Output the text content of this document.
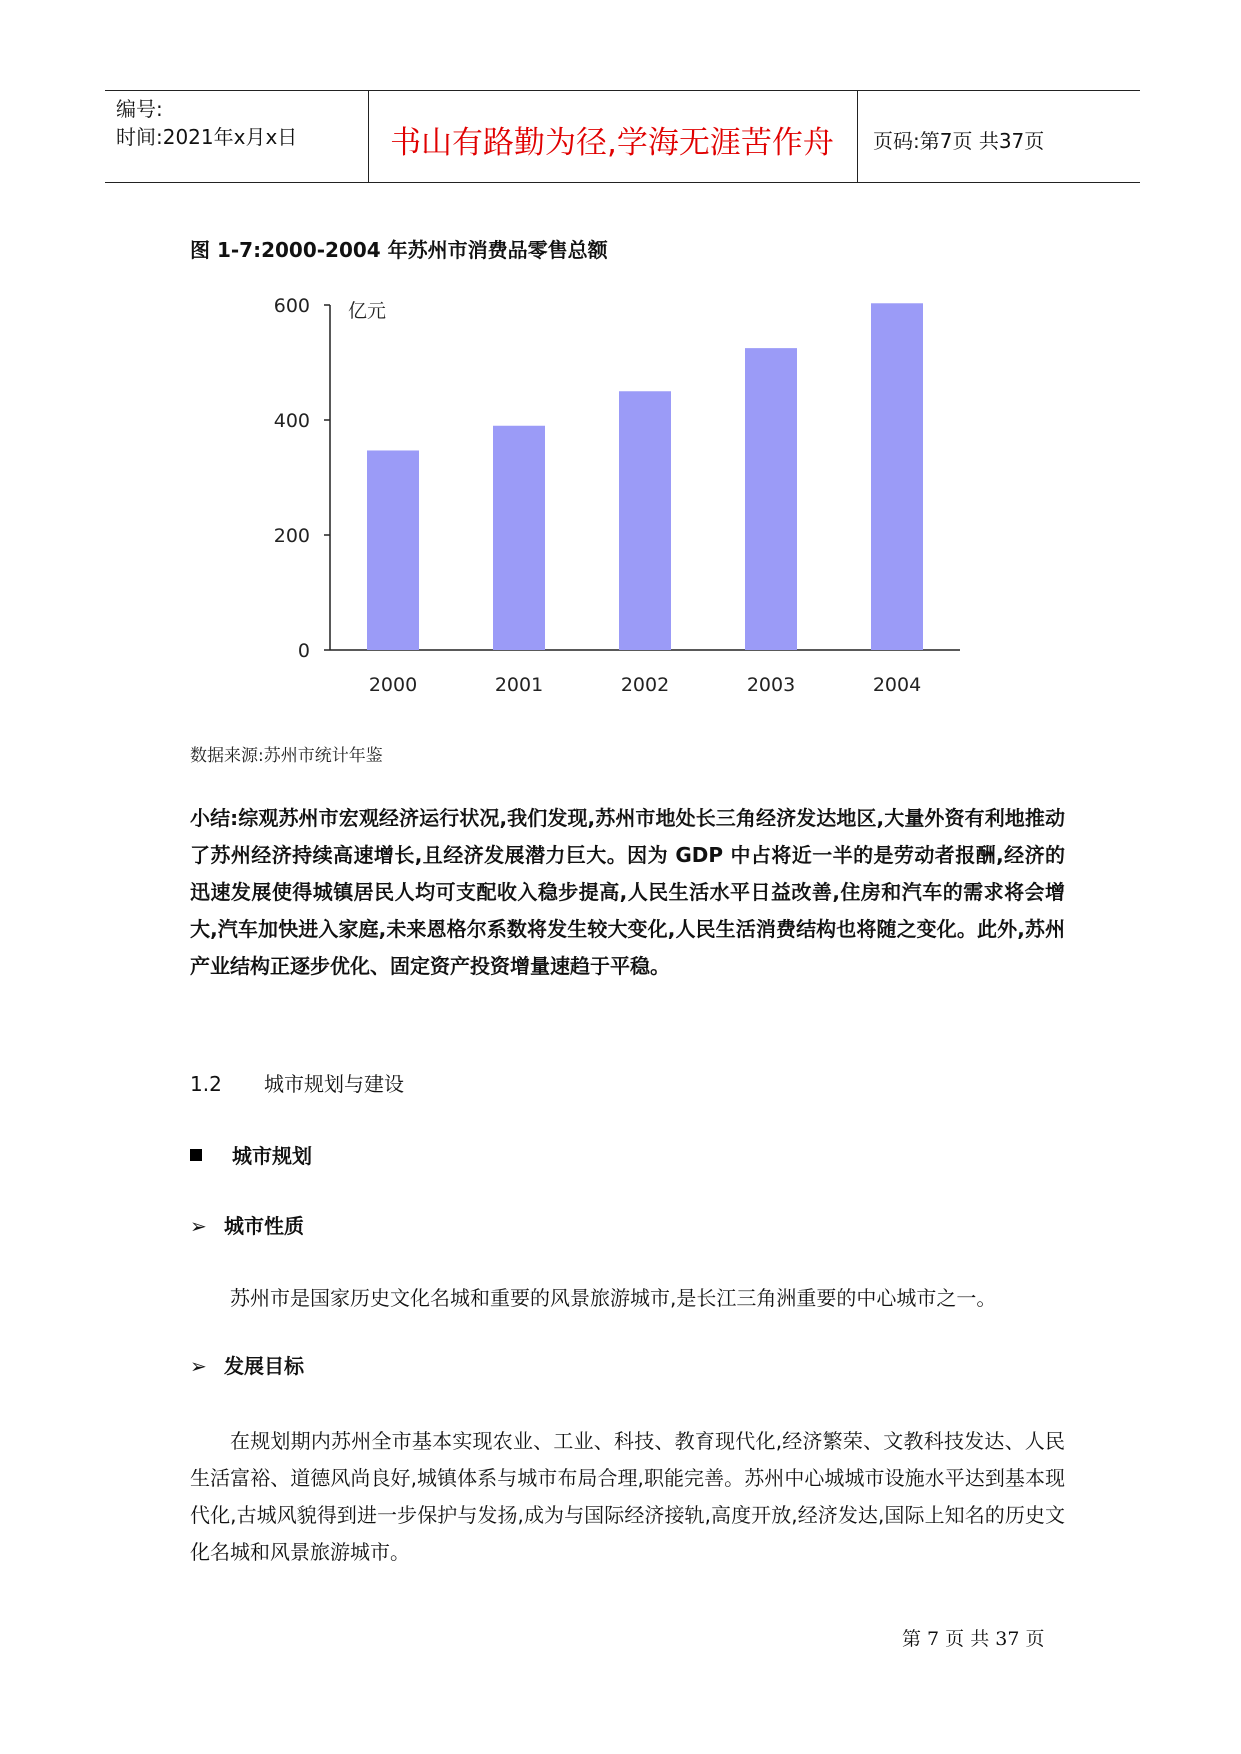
编号:
时间:2021年x月x日	书山有路勤为径,学海无涯苦作舟	页码:第7页 共37页
图 1-7:2000-2004 年苏州市消费品零售总额
0
200
400
600 亿元
2000	2001	2002	2003	2004
数据来源:苏州市统计年鉴
小结:综观苏州市宏观经济运行状况,我们发现,苏州市地处长三角经济发达地区,大量外资有利地推动了苏州经济持续高速增长,且经济发展潜力巨大。因为 GDP 中占将近一半的是劳动者报酬,经济的迅速发展使得城镇居民人均可支配收入稳步提高,人民生活水平日益改善,住房和汽车的需求将会增大,汽车加快进入家庭,未来恩格尔系数将发生较大变化,人民生活消费结构也将随之变化。此外,苏州产业结构正逐步优化、固定资产投资增量速趋于平稳。
1.2 城市规划与建设
城市规划
➢ 城市性质
苏州市是国家历史文化名城和重要的风景旅游城市,是长江三角洲重要的中心城市之一。
➢ 发展目标
在规划期内苏州全市基本实现农业、工业、科技、教育现代化,经济繁荣、文教科技发达、人民生活富裕、道德风尚良好,城镇体系与城市布局合理,职能完善。苏州中心城城市设施水平达到基本现代化,古城风貌得到进一步保护与发扬,成为与国际经济接轨,高度开放,经济发达,国际上知名的历史文化名城和风景旅游城市。
第 7 页 共 37 页
